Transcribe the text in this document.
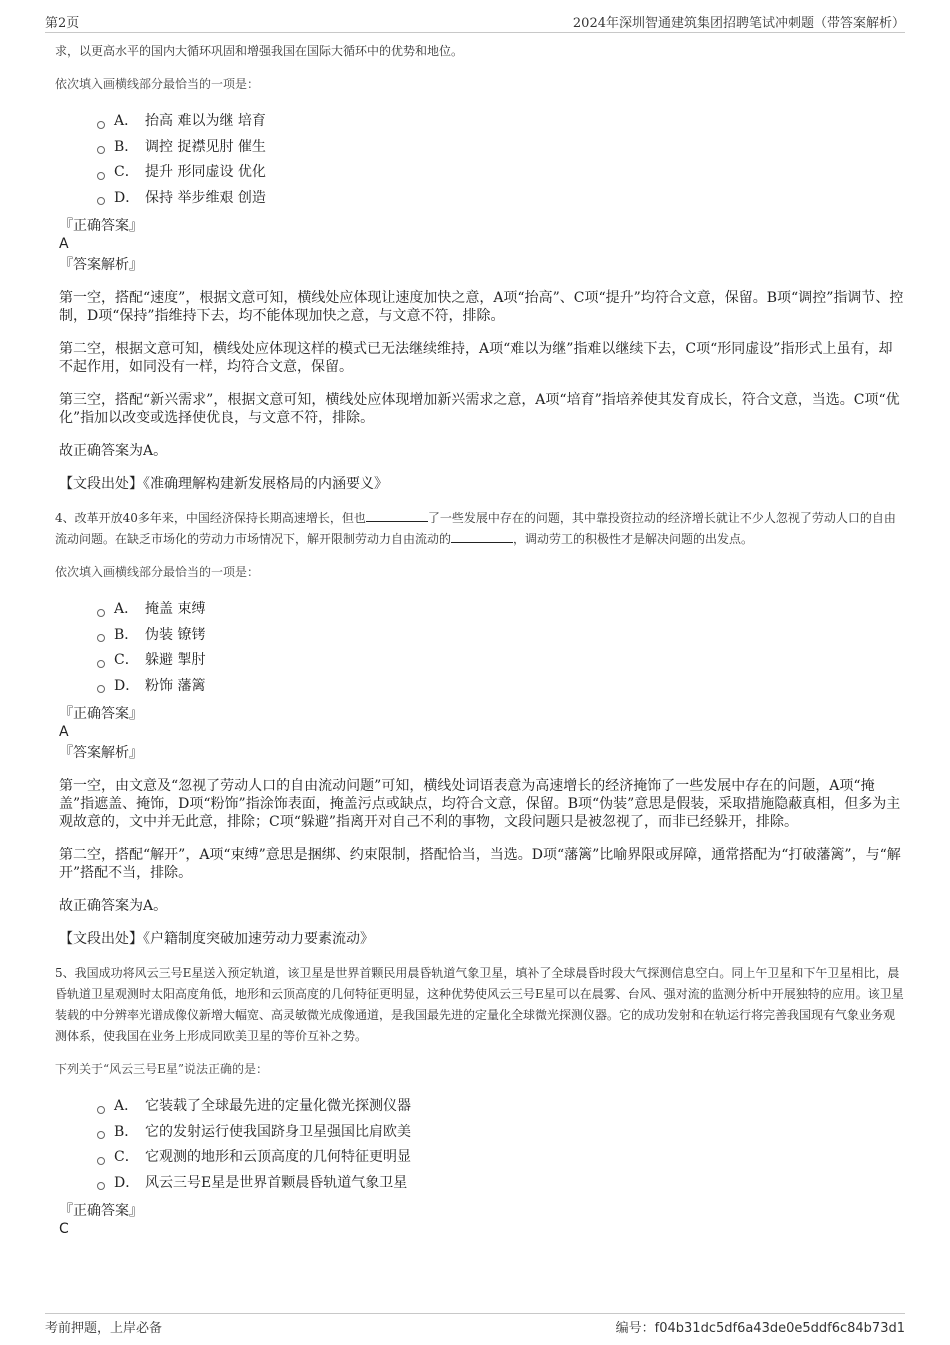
第2页	2024年深圳智通建筑集团招聘笔试冲刺题（带答案解析）

求，以更高水平的国内大循环巩固和增强我国在国际大循环中的优势和地位。

依次填入画横线部分最恰当的一项是：

A． 抬高 难以为继 培育
B． 调控 捉襟见肘 催生
C． 提升 形同虚设 优化
D． 保持 举步维艰 创造

『正确答案』

A

『答案解析』

第一空，搭配“速度”，根据文意可知，横线处应体现让速度加快之意，A项“抬高”、C项“提升”均符合文意，保留。B项“调控”指调节、控制，D项“保持”指维持下去，均不能体现加快之意，与文意不符，排除。

第二空，根据文意可知，横线处应体现这样的模式已无法继续维持，A项“难以为继”指难以继续下去，C项“形同虚设”指形式上虽有，却不起作用，如同没有一样，均符合文意，保留。

第三空，搭配“新兴需求”，根据文意可知，横线处应体现增加新兴需求之意，A项“培育”指培养使其发育成长，符合文意，当选。C项“优化”指加以改变或选择使优良，与文意不符，排除。

故正确答案为A。

【文段出处】《准确理解构建新发展格局的内涵要义》

4、改革开放40多年来，中国经济保持长期高速增长，但也	了一些发展中存在的问题，其中靠投资拉动的经济增长就让不少人忽视了劳动人口的自由流动问题。在缺乏市场化的劳动力市场情况下，解开限制劳动力自由流动的	，调动劳工的积极性才是解决问题的出发点。

依次填入画横线部分最恰当的一项是：

A． 掩盖 束缚
B． 伪装 镣铐
C． 躲避 掣肘
D． 粉饰 藩篱

『正确答案』

A

『答案解析』

第一空，由文意及“忽视了劳动人口的自由流动问题”可知，横线处词语表意为高速增长的经济掩饰了一些发展中存在的问题，A项“掩盖”指遮盖、掩饰，D项“粉饰”指涂饰表面，掩盖污点或缺点，均符合文意，保留。B项“伪装”意思是假装，采取措施隐蔽真相，但多为主观故意的，文中并无此意，排除；C项“躲避”指离开对自己不利的事物，文段问题只是被忽视了，而非已经躲开，排除。

第二空，搭配“解开”，A项“束缚”意思是捆绑、约束限制，搭配恰当，当选。D项“藩篱”比喻界限或屏障，通常搭配为“打破藩篱”，与“解开”搭配不当，排除。

故正确答案为A。

【文段出处】《户籍制度突破加速劳动力要素流动》

5、我国成功将风云三号E星送入预定轨道，该卫星是世界首颗民用晨昏轨道气象卫星，填补了全球晨昏时段大气探测信息空白。同上午卫星和下午卫星相比，晨昏轨道卫星观测时太阳高度角低，地形和云顶高度的几何特征更明显，这种优势使风云三号E星可以在晨雾、台风、强对流的监测分析中开展独特的应用。该卫星装载的中分辨率光谱成像仪新增大幅宽、高灵敏微光成像通道，是我国最先进的定量化全球微光探测仪器。它的成功发射和在轨运行将完善我国现有气象业务观测体系，使我国在业务上形成同欧美卫星的等价互补之势。

下列关于“风云三号E星”说法正确的是：

A． 它装载了全球最先进的定量化微光探测仪器
B． 它的发射运行使我国跻身卫星强国比肩欧美
C． 它观测的地形和云顶高度的几何特征更明显
D． 风云三号E星是世界首颗晨昏轨道气象卫星

『正确答案』

C

考前押题，上岸必备	编号：f04b31dc5df6a43de0e5ddf6c84b73d1
